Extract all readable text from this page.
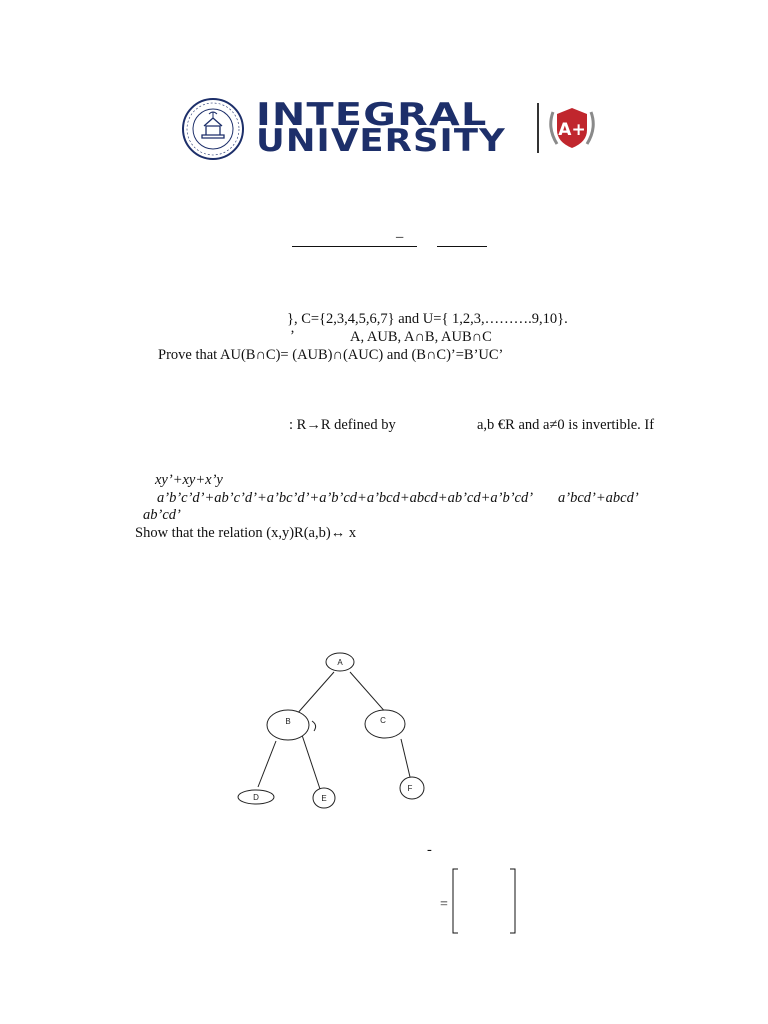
INTEGRAL
UNIVERSITY	A+
–
}, C={2,3,4,5,6,7} and U={ 1,2,3,……….9,10}.
’	A, AUB, A∩B, AUB∩C
Prove that AU(B∩C)= (AUB)∩(AUC) and (B∩C)’=B’UC’
: R→R defined by	a,b €R and a≠0 is invertible. If
xy’+xy+x’y
a’b’c’d’+ab’c’d’+a’bc’d’+a’b’cd+a’bcd+abcd+ab’cd+a’b’cd’ a’bcd’+abcd’
ab’cd’
Show that the relation (x,y)R(a,b)↔ x
A
B	C
D	E
F
-
=
